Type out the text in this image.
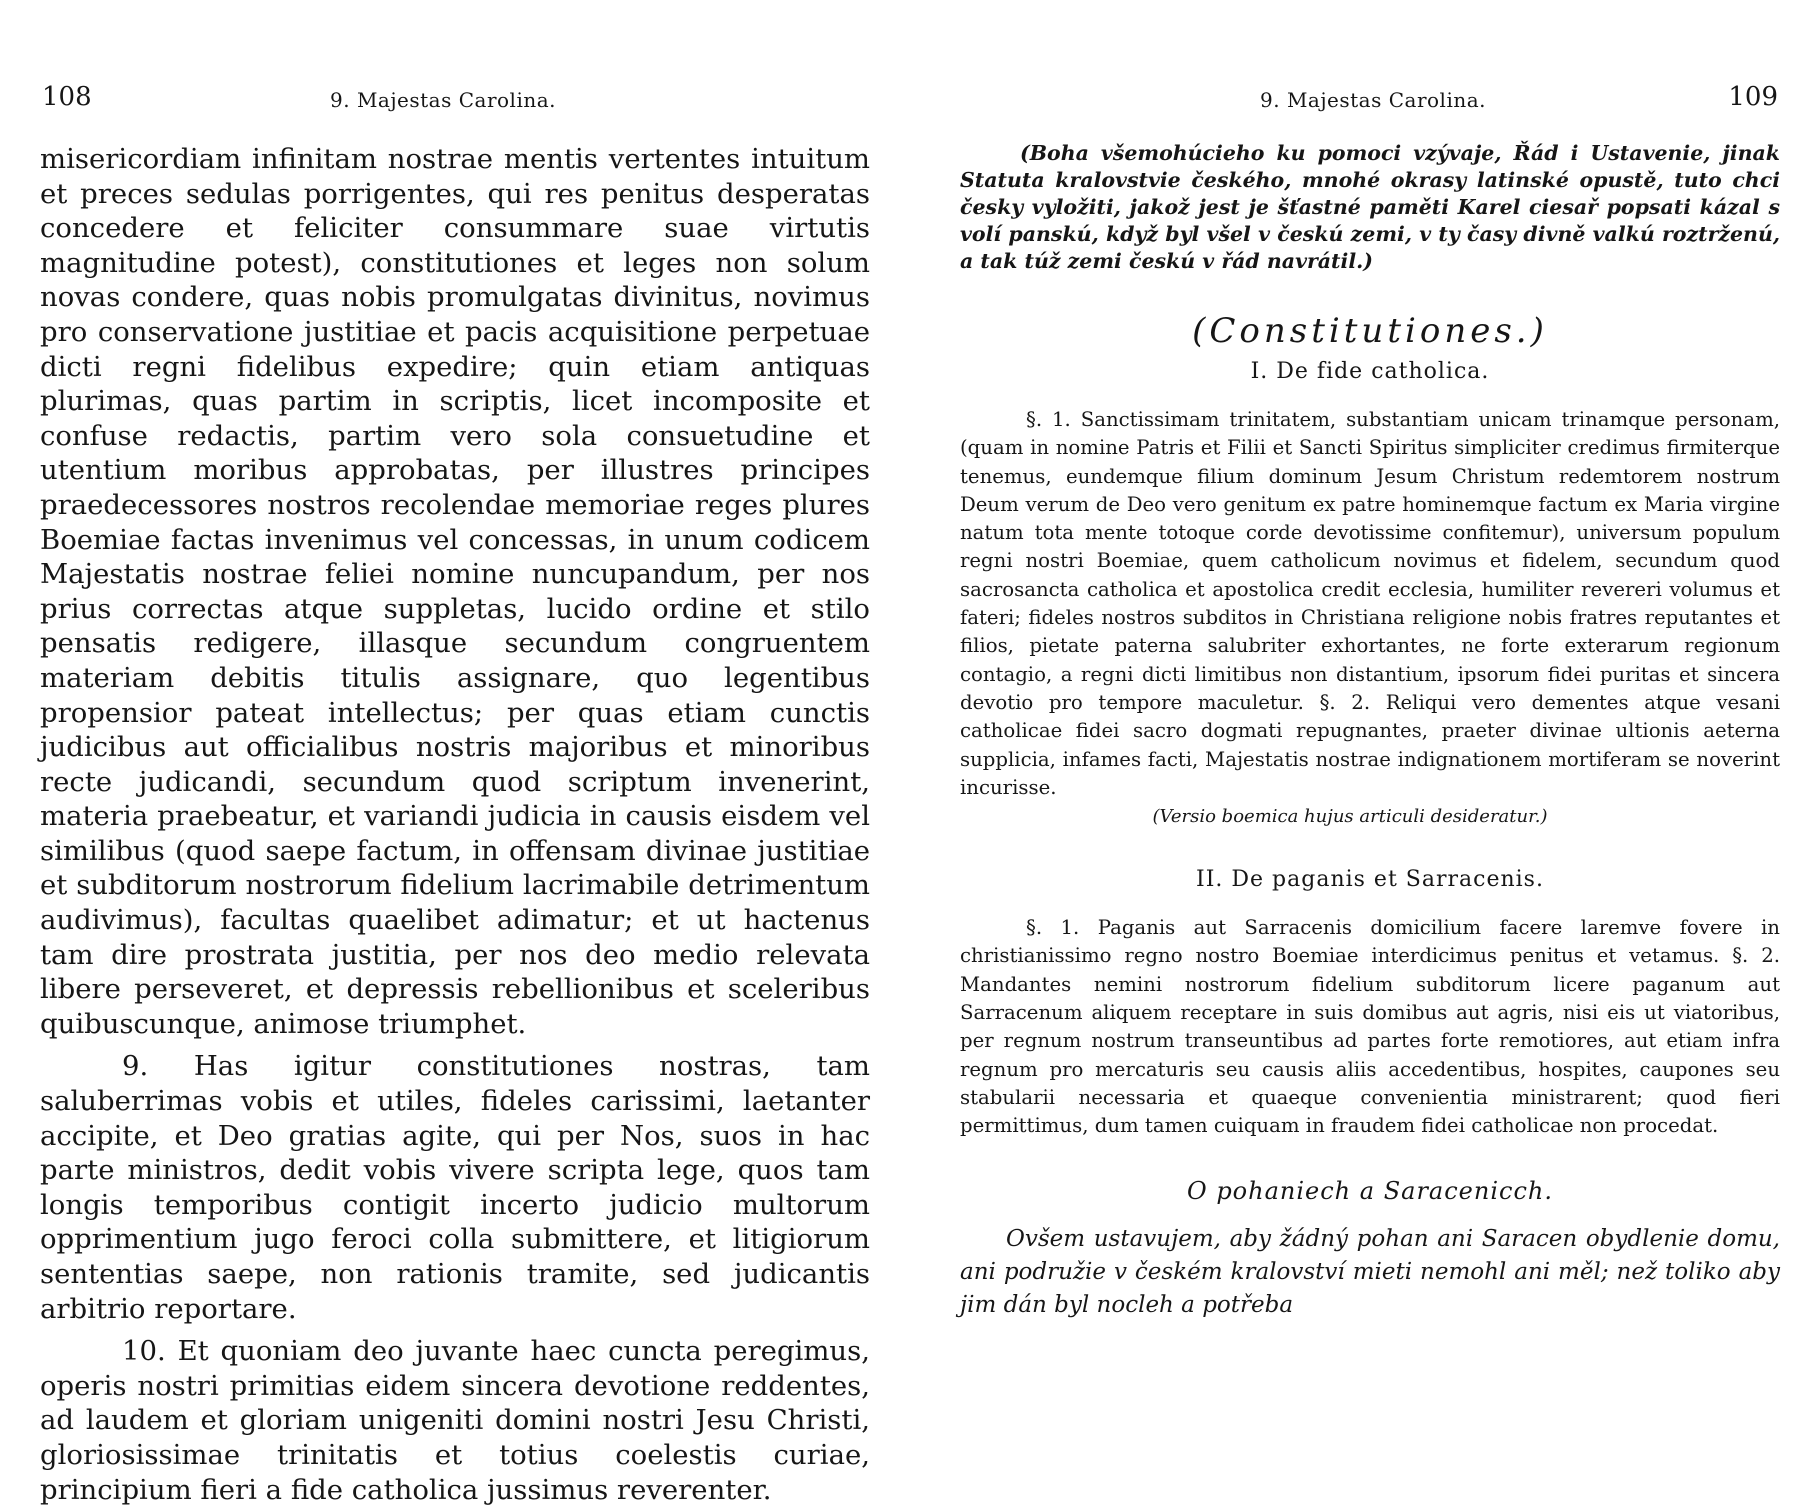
108	9. Majestas Carolina.

misericordiam infinitam nostrae mentis vertentes intuitum et preces sedulas porrigentes, qui res penitus desperatas concedere et feliciter consummare suae virtutis magnitudine potest), constitutiones et leges non solum novas condere, quas nobis promulgatas divinitus, novimus pro conservatione justitiae et pacis acquisitione perpetuae dicti regni fidelibus expedire; quin etiam antiquas plurimas, quas partim in scriptis, licet incomposite et confuse redactis, partim vero sola consuetudine et utentium moribus approbatas, per illustres principes praedecessores nostros recolendae memoriae reges plures Boemiae factas invenimus vel concessas, in unum codicem Majestatis nostrae feliei nomine nuncupandum, per nos prius correctas atque suppletas, lucido ordine et stilo pensatis redigere, illasque secundum congruentem materiam debitis titulis assignare, quo legentibus propensior pateat intellectus; per quas etiam cunctis judicibus aut officialibus nostris majoribus et minoribus recte judicandi, secundum quod scriptum invenerint, materia praebeatur, et variandi judicia in causis eisdem vel similibus (quod saepe factum, in offensam divinae justitiae et subditorum nostrorum fidelium lacrimabile detrimentum audivimus), facultas quaelibet adimatur; et ut hactenus tam dire prostrata justitia, per nos deo medio relevata libere perseveret, et depressis rebellionibus et sceleribus quibuscunque, animose triumphet.

9. Has igitur constitutiones nostras, tam saluberrimas vobis et utiles, fideles carissimi, laetanter accipite, et Deo gratias agite, qui per Nos, suos in hac parte ministros, dedit vobis vivere scripta lege, quos tam longis temporibus contigit incerto judicio multorum opprimentium jugo feroci colla submittere, et litigiorum sententias saepe, non rationis tramite, sed judicantis arbitrio reportare.

10. Et quoniam deo juvante haec cuncta peregimus, operis nostri primitias eidem sincera devotione reddentes, ad laudem et gloriam unigeniti domini nostri Jesu Christi, gloriosissimae trinitatis et totius coelestis curiae, principium fieri a fide catholica jussimus reverenter.

9. Majestas Carolina.	109

(Boha všemohúcieho ku pomoci vzývaje, Řád i Ustavenie, jinak Statuta kralovstvie českého, mnohé okrasy latinské opustě, tuto chci česky vyložiti, jakož jest je šťastné paměti Karel ciesař popsati kázal s volí panskú, když byl všel v českú zemi, v ty časy divně valkú roztrženú, a tak túž zemi českú v řád navrátil.)

(Constitutiones.)
I. De fide catholica.

§. 1. Sanctissimam trinitatem, substantiam unicam trinamque personam, (quam in nomine Patris et Filii et Sancti Spiritus simpliciter credimus firmiterque tenemus, eundemque filium dominum Jesum Christum redemtorem nostrum Deum verum de Deo vero genitum ex patre hominemque factum ex Maria virgine natum tota mente totoque corde devotissime confitemur), universum populum regni nostri Boemiae, quem catholicum novimus et fidelem, secundum quod sacrosancta catholica et apostolica credit ecclesia, humiliter revereri volumus et fateri; fideles nostros subditos in Christiana religione nobis fratres reputantes et filios, pietate paterna salubriter exhortantes, ne forte exterarum regionum contagio, a regni dicti limitibus non distantium, ipsorum fidei puritas et sincera devotio pro tempore maculetur. §. 2. Reliqui vero dementes atque vesani catholicae fidei sacro dogmati repugnantes, praeter divinae ultionis aeterna supplicia, infames facti, Majestatis nostrae indignationem mortiferam se noverint incurisse.

(Versio boemica hujus articuli desideratur.)
II. De paganis et Sarracenis.

§. 1. Paganis aut Sarracenis domicilium facere laremve fovere in christianissimo regno nostro Boemiae interdicimus penitus et vetamus. §. 2. Mandantes nemini nostrorum fidelium subditorum licere paganum aut Sarracenum aliquem receptare in suis domibus aut agris, nisi eis ut viatoribus, per regnum nostrum transeuntibus ad partes forte remotiores, aut etiam infra regnum pro mercaturis seu causis aliis accedentibus, hospites, caupones seu stabularii necessaria et quaeque convenientia ministrarent; quod fieri permittimus, dum tamen cuiquam in fraudem fidei catholicae non procedat.

O pohaniech a Saracenicch.

Ovšem ustavujem, aby žádný pohan ani Saracen obydlenie domu, ani podružie v českém kralovství mieti nemohl ani měl; než toliko aby jim dán byl nocleh a potřeba
